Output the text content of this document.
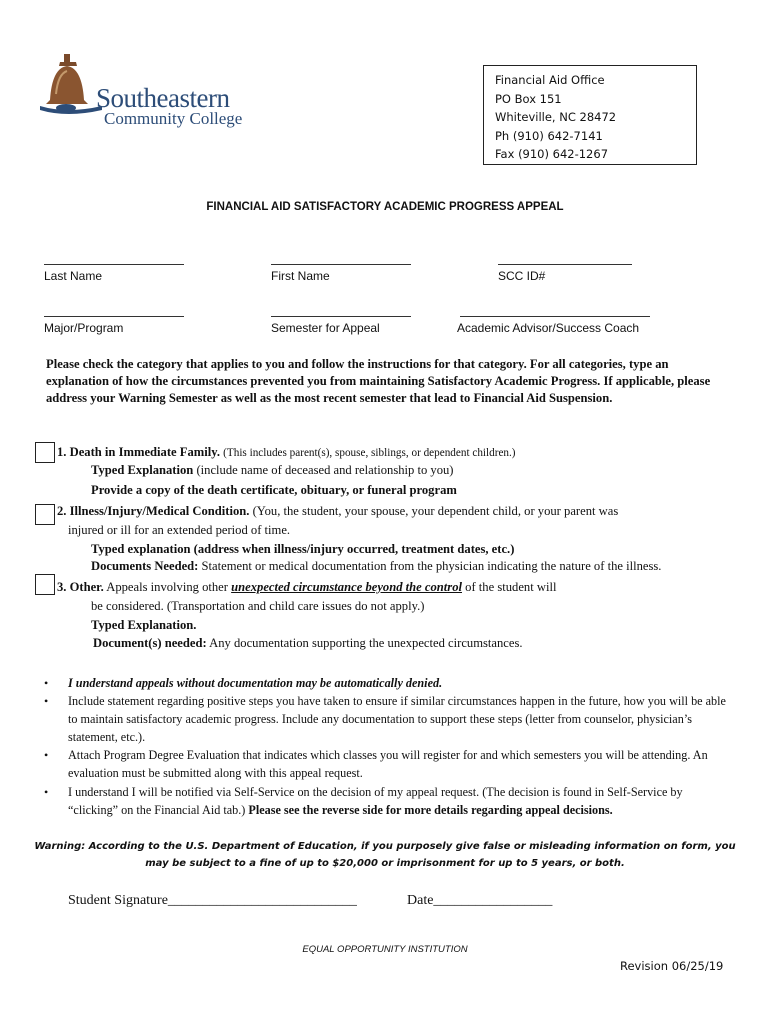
Southeastern
Community College
Financial Aid Office
PO Box 151
Whiteville, NC 28472
Ph (910) 642-7141
Fax (910) 642-1267
FINANCIAL AID SATISFACTORY ACADEMIC PROGRESS APPEAL
Last Name	First Name	SCC ID#
Major/Program	Semester for Appeal	Academic Advisor/Success Coach
Please check the category that applies to you and follow the instructions for that category. For all categories, type an explanation of how the circumstances prevented you from maintaining Satisfactory Academic Progress. If applicable, please address your Warning Semester as well as the most recent semester that lead to Financial Aid Suspension.
1. Death in Immediate Family. (This includes parent(s), spouse, siblings, or dependent children.)
Typed Explanation (include name of deceased and relationship to you)
Provide a copy of the death certificate, obituary, or funeral program
2. Illness/Injury/Medical Condition. (You, the student, your spouse, your dependent child, or your parent was
injured or ill for an extended period of time.
Typed explanation (address when illness/injury occurred, treatment dates, etc.)
Documents Needed: Statement or medical documentation from the physician indicating the nature of the illness.
3. Other. Appeals involving other unexpected circumstance beyond the control of the student will
be considered. (Transportation and child care issues do not apply.)
Typed Explanation.
Document(s) needed: Any documentation supporting the unexpected circumstances.
• I understand appeals without documentation may be automatically denied.
• Include statement regarding positive steps you have taken to ensure if similar circumstances happen in the future, how you will be able to maintain satisfactory academic progress. Include any documentation to support these steps (letter from counselor, physician’s statement, etc.).
• Attach Program Degree Evaluation that indicates which classes you will register for and which semesters you will be attending. An evaluation must be submitted along with this appeal request.
• I understand I will be notified via Self-Service on the decision of my appeal request. (The decision is found in Self-Service by “clicking” on the Financial Aid tab.) Please see the reverse side for more details regarding appeal decisions.
Warning: According to the U.S. Department of Education, if you purposely give false or misleading information on form, you
may be subject to a fine of up to $20,000 or imprisonment for up to 5 years, or both.
Student Signature___________________________	Date_________________
EQUAL OPPORTUNITY INSTITUTION
Revision 06/25/19
